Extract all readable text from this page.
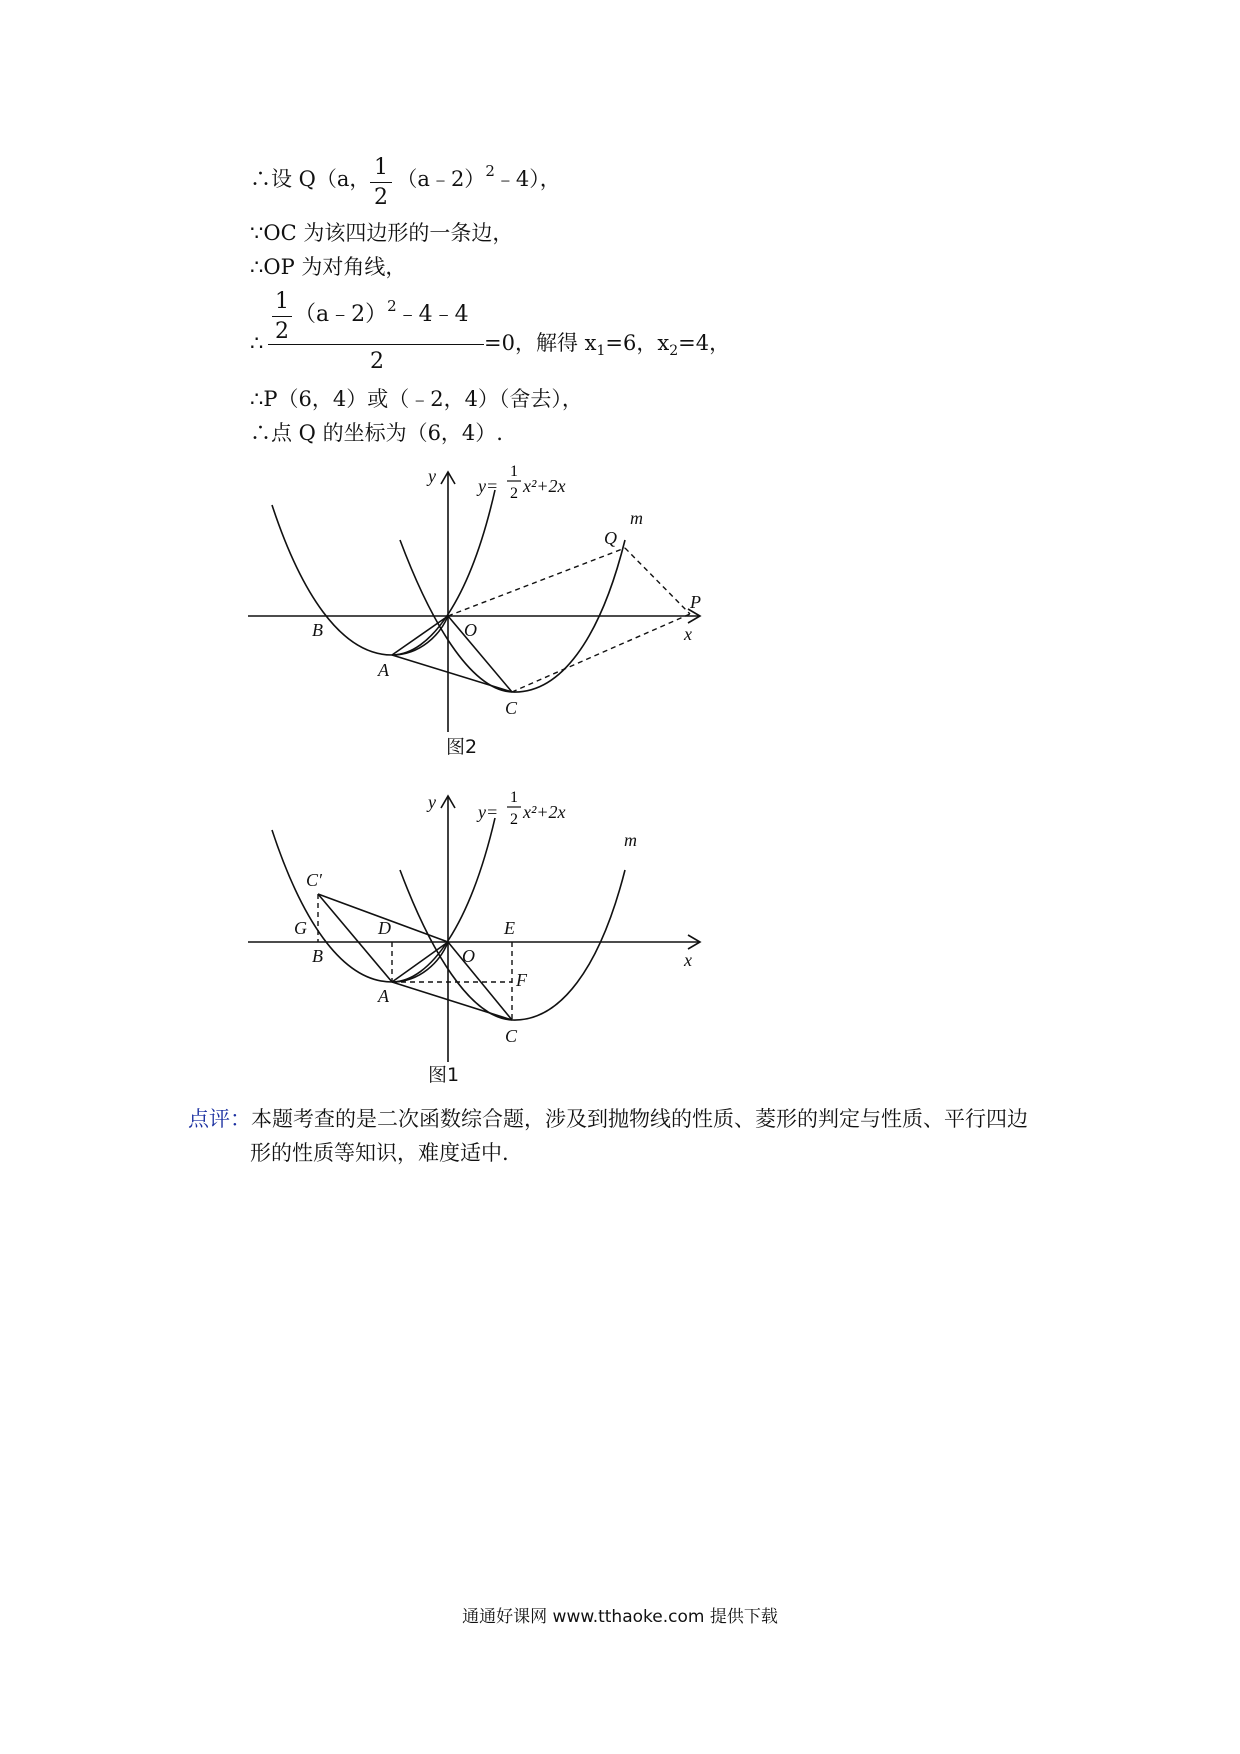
∴设 Q（a， （a﹣2）$^2$﹣4），
1
2
∵OC 为该四边形的一条边，
∴OP 为对角线，
∴
1
2
（a﹣2）$^2$﹣4﹣4
2
=0，解得 $x_1=6$，$x_2=4$，
∴P（6，4）或（﹣2，4）（舍去），
∴点 Q 的坐标为（6，4）.
y
x
m
Q
P
B	O
A
C
y=
1
2 x²+2x
图2
y
x
m
C′
G
B
D
O
E
F
A
C
y=
1
2 x²+2x
图1
点评：本题考查的是二次函数综合题，涉及到抛物线的性质、菱形的判定与性质、平行四边
形的性质等知识，难度适中.
通通好课网 www.tthaoke.com 提供下载
